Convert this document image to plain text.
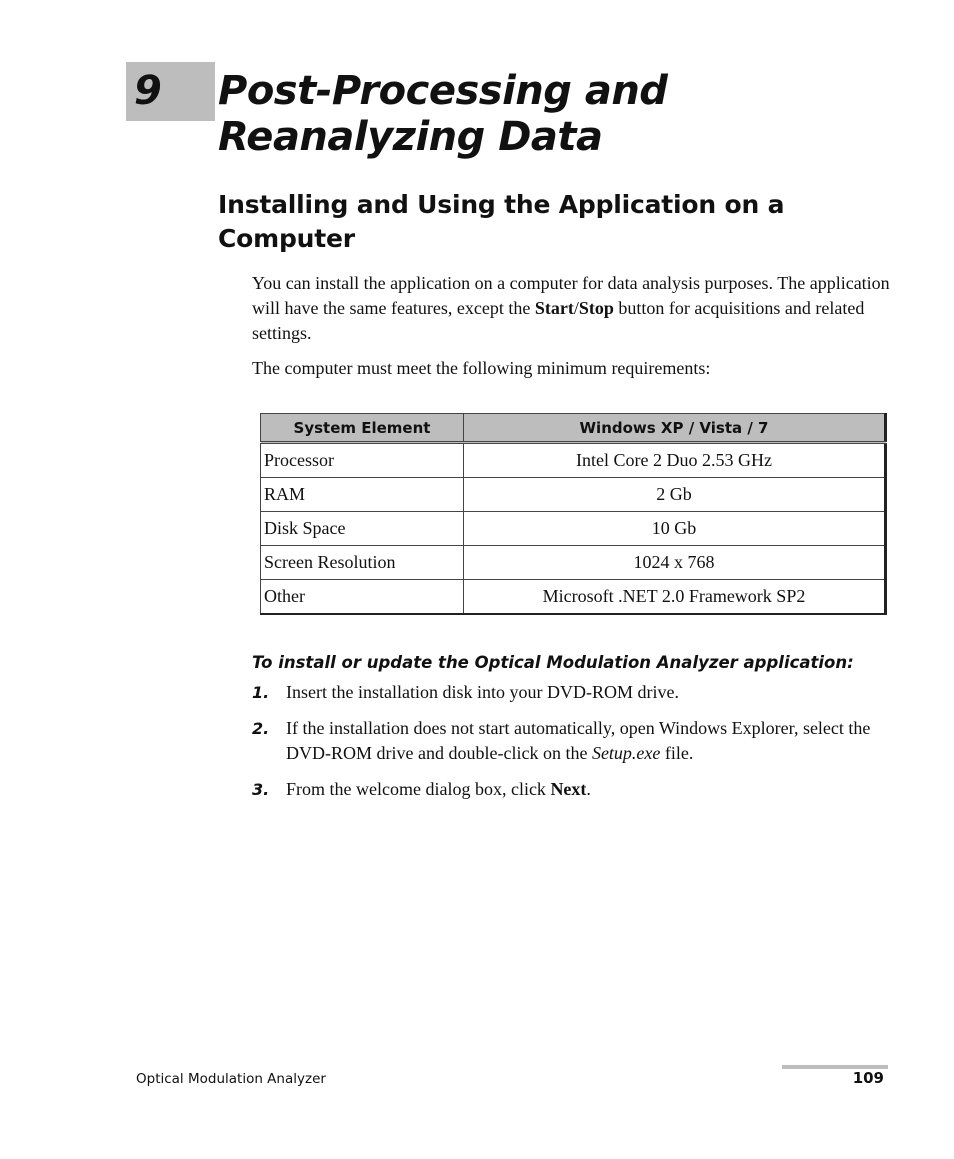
9 Post-Processing and
Reanalyzing Data
Installing and Using the Application on a Computer

You can install the application on a computer for data analysis purposes. The application will have the same features, except the Start/Stop button for acquisitions and related settings.

The computer must meet the following minimum requirements:

System Element	Windows XP / Vista / 7
Processor	Intel Core 2 Duo 2.53 GHz
RAM	2 Gb
Disk Space	10 Gb
Screen Resolution	1024 x 768
Other	Microsoft .NET 2.0 Framework SP2
To install or update the Optical Modulation Analyzer application:
1. Insert the installation disk into your DVD-ROM drive.
2. If the installation does not start automatically, open Windows Explorer, select the DVD-ROM drive and double-click on the Setup.exe file.
3. From the welcome dialog box, click Next.
Optical Modulation Analyzer	109
